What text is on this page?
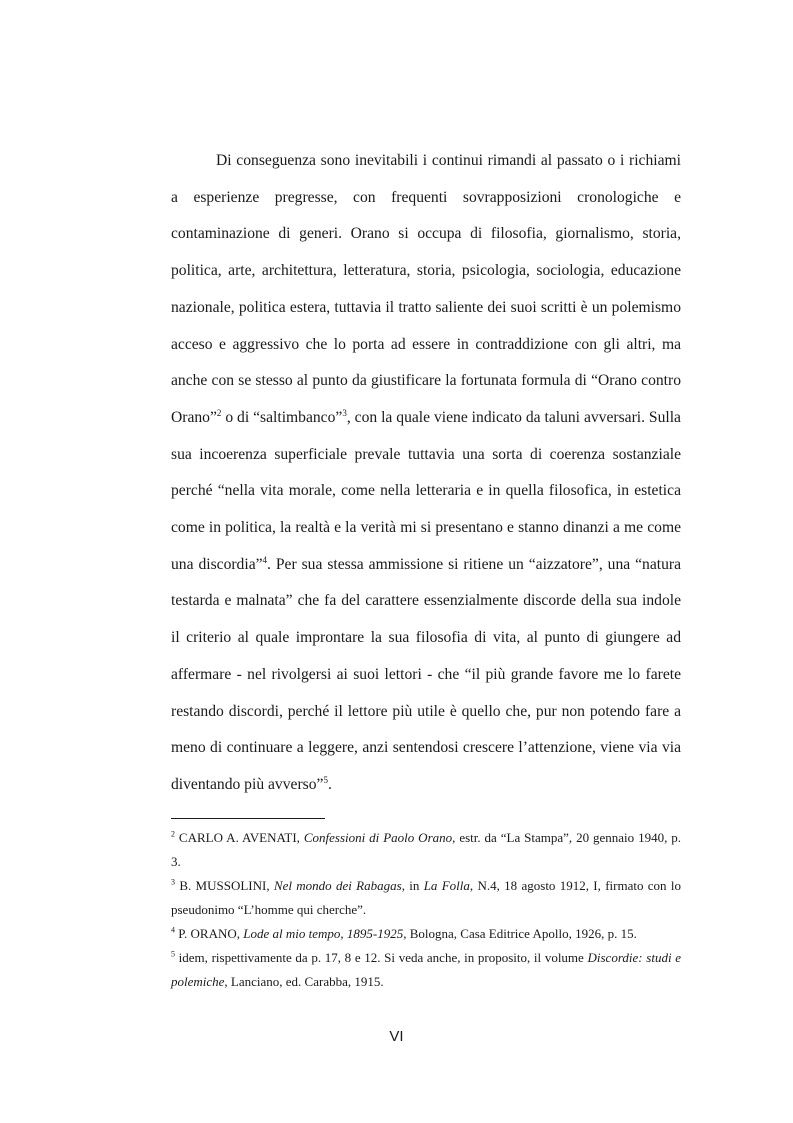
Di conseguenza sono inevitabili i continui rimandi al passato o i richiami a esperienze pregresse, con frequenti sovrapposizioni cronologiche e contaminazione di generi. Orano si occupa di filosofia, giornalismo, storia, politica, arte, architettura, letteratura, storia, psicologia, sociologia, educazione nazionale, politica estera, tuttavia il tratto saliente dei suoi scritti è un polemismo acceso e aggressivo che lo porta ad essere in contraddizione con gli altri, ma anche con se stesso al punto da giustificare la fortunata formula di “Orano contro Orano”$^2$ o di “saltimbanco”$^3$, con la quale viene indicato da taluni avversari. Sulla sua incoerenza superficiale prevale tuttavia una sorta di coerenza sostanziale perché “nella vita morale, come nella letteraria e in quella filosofica, in estetica come in politica, la realtà e la verità mi si presentano e stanno dinanzi a me come una discordia”$^4$. Per sua stessa ammissione si ritiene un “aizzatore”, una “natura testarda e malnata” che fa del carattere essenzialmente discorde della sua indole il criterio al quale improntare la sua filosofia di vita, al punto di giungere ad affermare - nel rivolgersi ai suoi lettori - che “il più grande favore me lo farete restando discordi, perché il lettore più utile è quello che, pur non potendo fare a meno di continuare a leggere, anzi sentendosi crescere l’attenzione, viene via via diventando più avverso”$^5$.

$^2$ CARLO A. AVENATI, Confessioni di Paolo Orano, estr. da “La Stampa”, 20 gennaio 1940, p. 3.

$^3$ B. MUSSOLINI, Nel mondo dei Rabagas, in La Folla, N.4, 18 agosto 1912, I, firmato con lo pseudonimo “L’homme qui cherche”.

$^4$ P. ORANO, Lode al mio tempo, 1895-1925, Bologna, Casa Editrice Apollo, 1926, p. 15.

$^5$ idem, rispettivamente da p. 17, 8 e 12. Si veda anche, in proposito, il volume Discordie: studi e polemiche, Lanciano, ed. Carabba, 1915.

VI
